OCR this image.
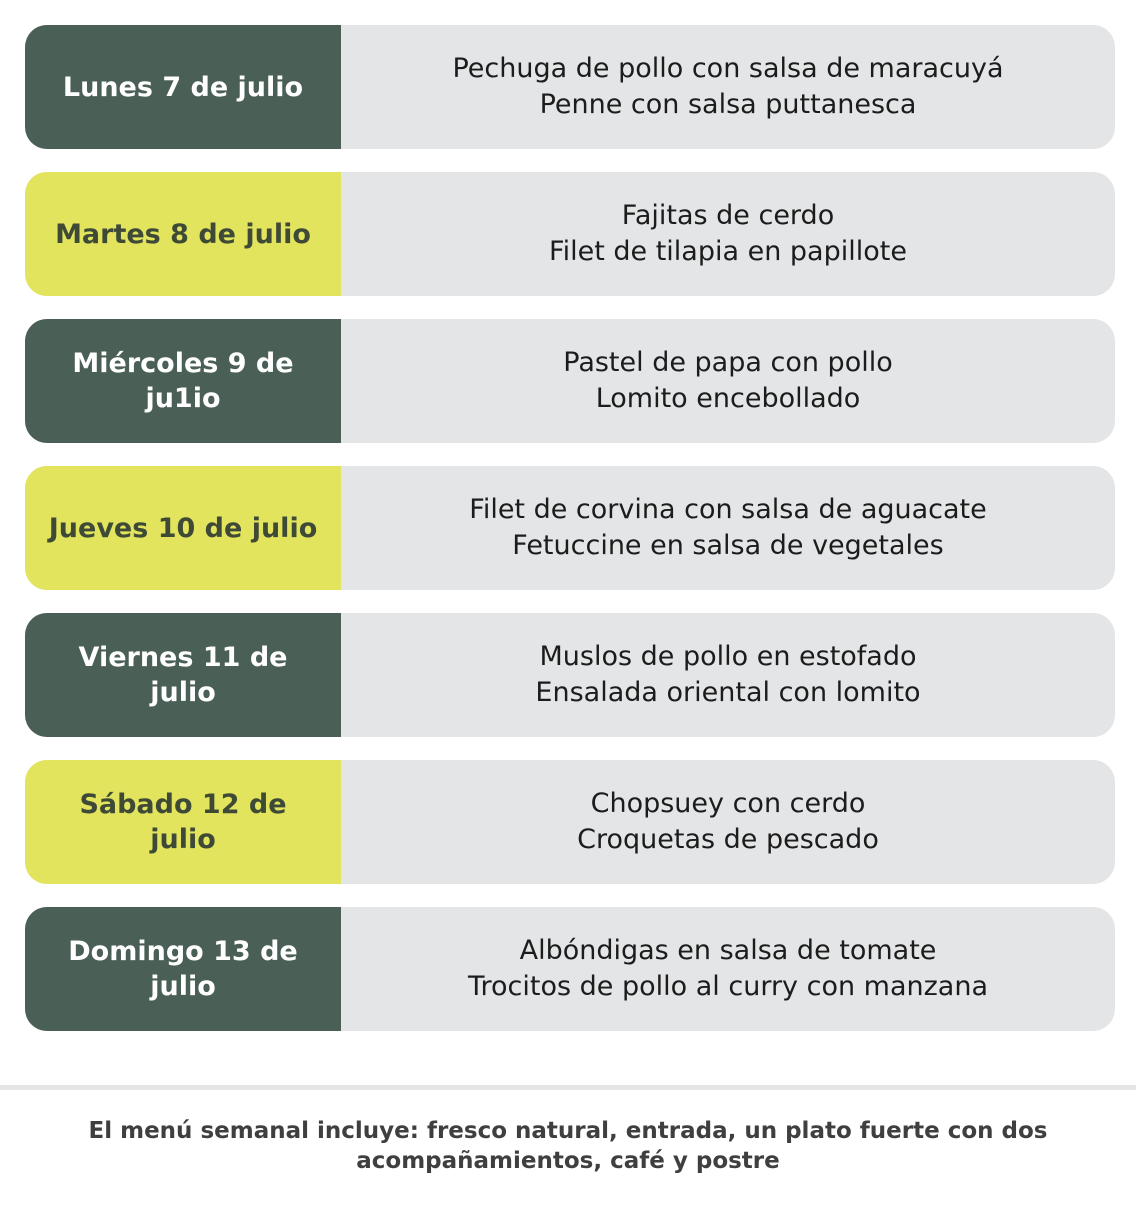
Lunes 7 de julio
Pechuga de pollo con salsa de maracuyá
Penne con salsa puttanesca
Martes 8 de julio
Fajitas de cerdo
Filet de tilapia en papillote
Miércoles 9 de ju1io
Pastel de papa con pollo
Lomito encebollado
Jueves 10 de julio
Filet de corvina con salsa de aguacate
Fetuccine en salsa de vegetales
Viernes 11 de julio
Muslos de pollo en estofado
Ensalada oriental con lomito
Sábado 12 de julio
Chopsuey con cerdo
Croquetas de pescado
Domingo 13 de julio
Albóndigas en salsa de tomate
Trocitos de pollo al curry con manzana
El menú semanal incluye: fresco natural, entrada, un plato fuerte con dos acompañamientos, café y postre
